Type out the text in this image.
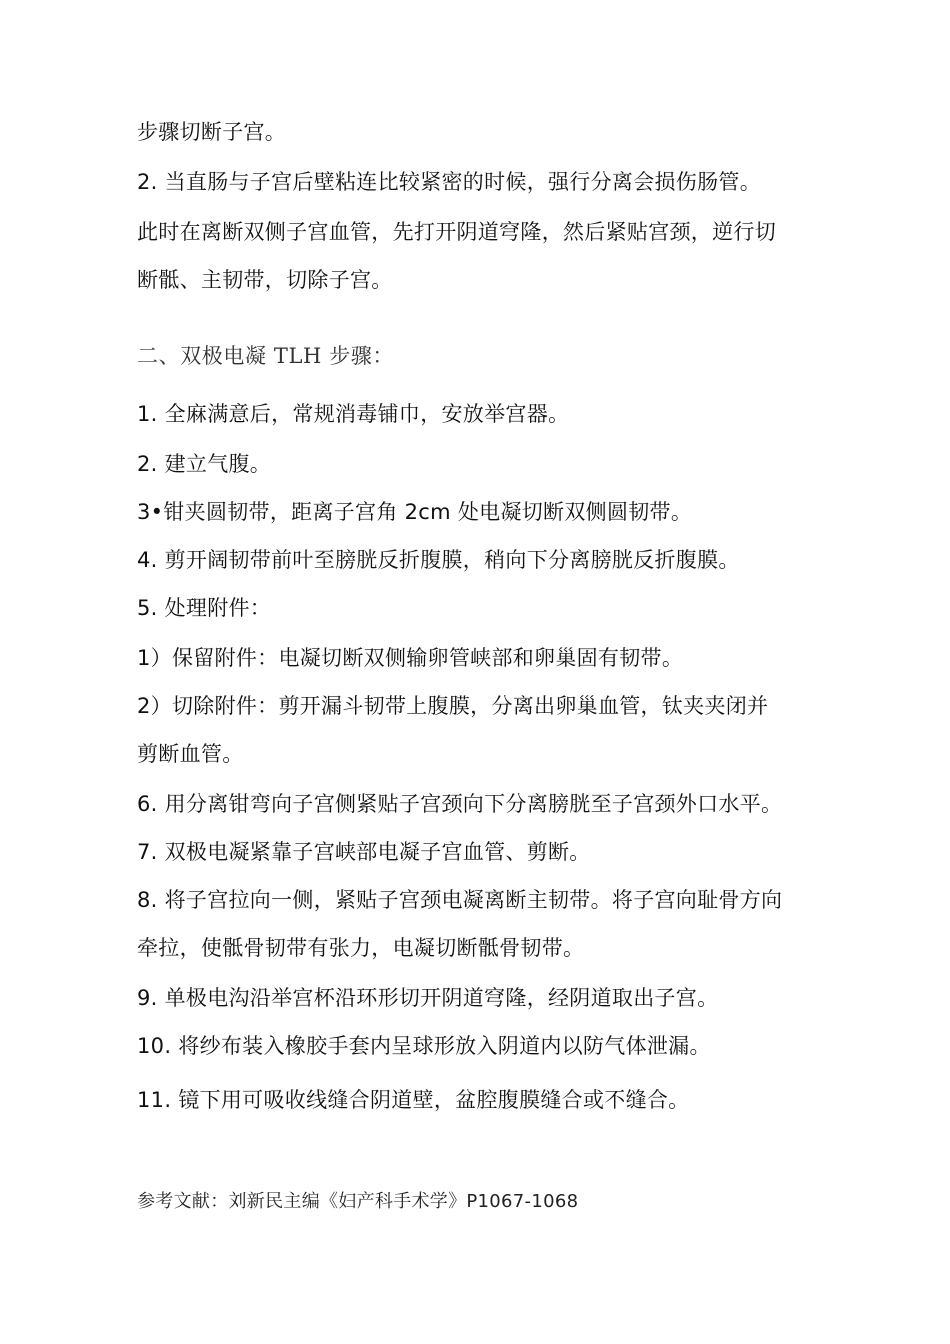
步骤切断子宫。
2. 当直肠与子宫后壁粘连比较紧密的时候，强行分离会损伤肠管。
此时在离断双侧子宫血管，先打开阴道穹隆，然后紧贴宫颈，逆行切
断骶、主韧带，切除子宫。
二、双极电凝 TLH 步骤：
1. 全麻满意后，常规消毒铺巾，安放举宫器。
2. 建立气腹。
3•钳夹圆韧带，距离子宫角 2cm 处电凝切断双侧圆韧带。
4. 剪开阔韧带前叶至膀胱反折腹膜，稍向下分离膀胱反折腹膜。
5. 处理附件：
1）保留附件：电凝切断双侧输卵管峡部和卵巢固有韧带。
2）切除附件：剪开漏斗韧带上腹膜，分离出卵巢血管，钛夹夹闭并
剪断血管。
6. 用分离钳弯向子宫侧紧贴子宫颈向下分离膀胱至子宫颈外口水平。
7. 双极电凝紧靠子宫峡部电凝子宫血管、剪断。
8. 将子宫拉向一侧，紧贴子宫颈电凝离断主韧带。将子宫向耻骨方向
牵拉，使骶骨韧带有张力，电凝切断骶骨韧带。
9. 单极电沟沿举宫杯沿环形切开阴道穹隆，经阴道取出子宫。
10. 将纱布装入橡胶手套内呈球形放入阴道内以防气体泄漏。
11. 镜下用可吸收线缝合阴道壁，盆腔腹膜缝合或不缝合。
参考文献：刘新民主编《妇产科手术学》P1067-1068
